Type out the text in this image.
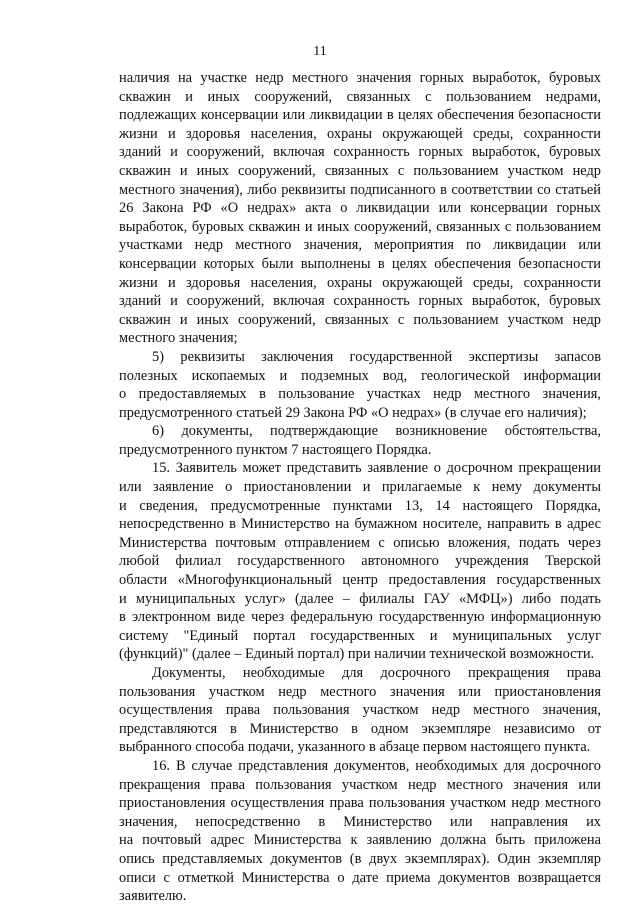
11
наличия на участке недр местного значения горных выработок, буровых
скважин и иных сооружений, связанных с пользованием недрами,
подлежащих консервации или ликвидации в целях обеспечения безопасности
жизни и здоровья населения, охраны окружающей среды, сохранности
зданий и сооружений, включая сохранность горных выработок, буровых
скважин и иных сооружений, связанных с пользованием участком недр
местного значения), либо реквизиты подписанного в соответствии со статьей
26 Закона РФ «О недрах» акта о ликвидации или консервации горных
выработок, буровых скважин и иных сооружений, связанных с пользованием
участками недр местного значения, мероприятия по ликвидации или
консервации которых были выполнены в целях обеспечения безопасности
жизни и здоровья населения, охраны окружающей среды, сохранности
зданий и сооружений, включая сохранность горных выработок, буровых
скважин и иных сооружений, связанных с пользованием участком недр
местного значения;
5) реквизиты заключения государственной экспертизы запасов
полезных ископаемых и подземных вод, геологической информации
о предоставляемых в пользование участках недр местного значения,
предусмотренного статьей 29 Закона РФ «О недрах» (в случае его наличия);
6) документы, подтверждающие возникновение обстоятельства,
предусмотренного пунктом 7 настоящего Порядка.
15. Заявитель может представить заявление о досрочном прекращении
или заявление о приостановлении и прилагаемые к нему документы
и сведения, предусмотренные пунктами 13, 14 настоящего Порядка,
непосредственно в Министерство на бумажном носителе, направить в адрес
Министерства почтовым отправлением с описью вложения, подать через
любой филиал государственного автономного учреждения Тверской
области «Многофункциональный центр предоставления государственных
и муниципальных услуг» (далее – филиалы ГАУ «МФЦ») либо подать
в электронном виде через федеральную государственную информационную
систему "Единый портал государственных и муниципальных услуг
(функций)" (далее – Единый портал) при наличии технической возможности.
Документы, необходимые для досрочного прекращения права
пользования участком недр местного значения или приостановления
осуществления права пользования участком недр местного значения,
представляются в Министерство в одном экземпляре независимо от
выбранного способа подачи, указанного в абзаце первом настоящего пункта.
16. В случае представления документов, необходимых для досрочного
прекращения права пользования участком недр местного значения или
приостановления осуществления права пользования участком недр местного
значения, непосредственно в Министерство или направления их
на почтовый адрес Министерства к заявлению должна быть приложена
опись представляемых документов (в двух экземплярах). Один экземпляр
описи с отметкой Министерства о дате приема документов возвращается
заявителю.
